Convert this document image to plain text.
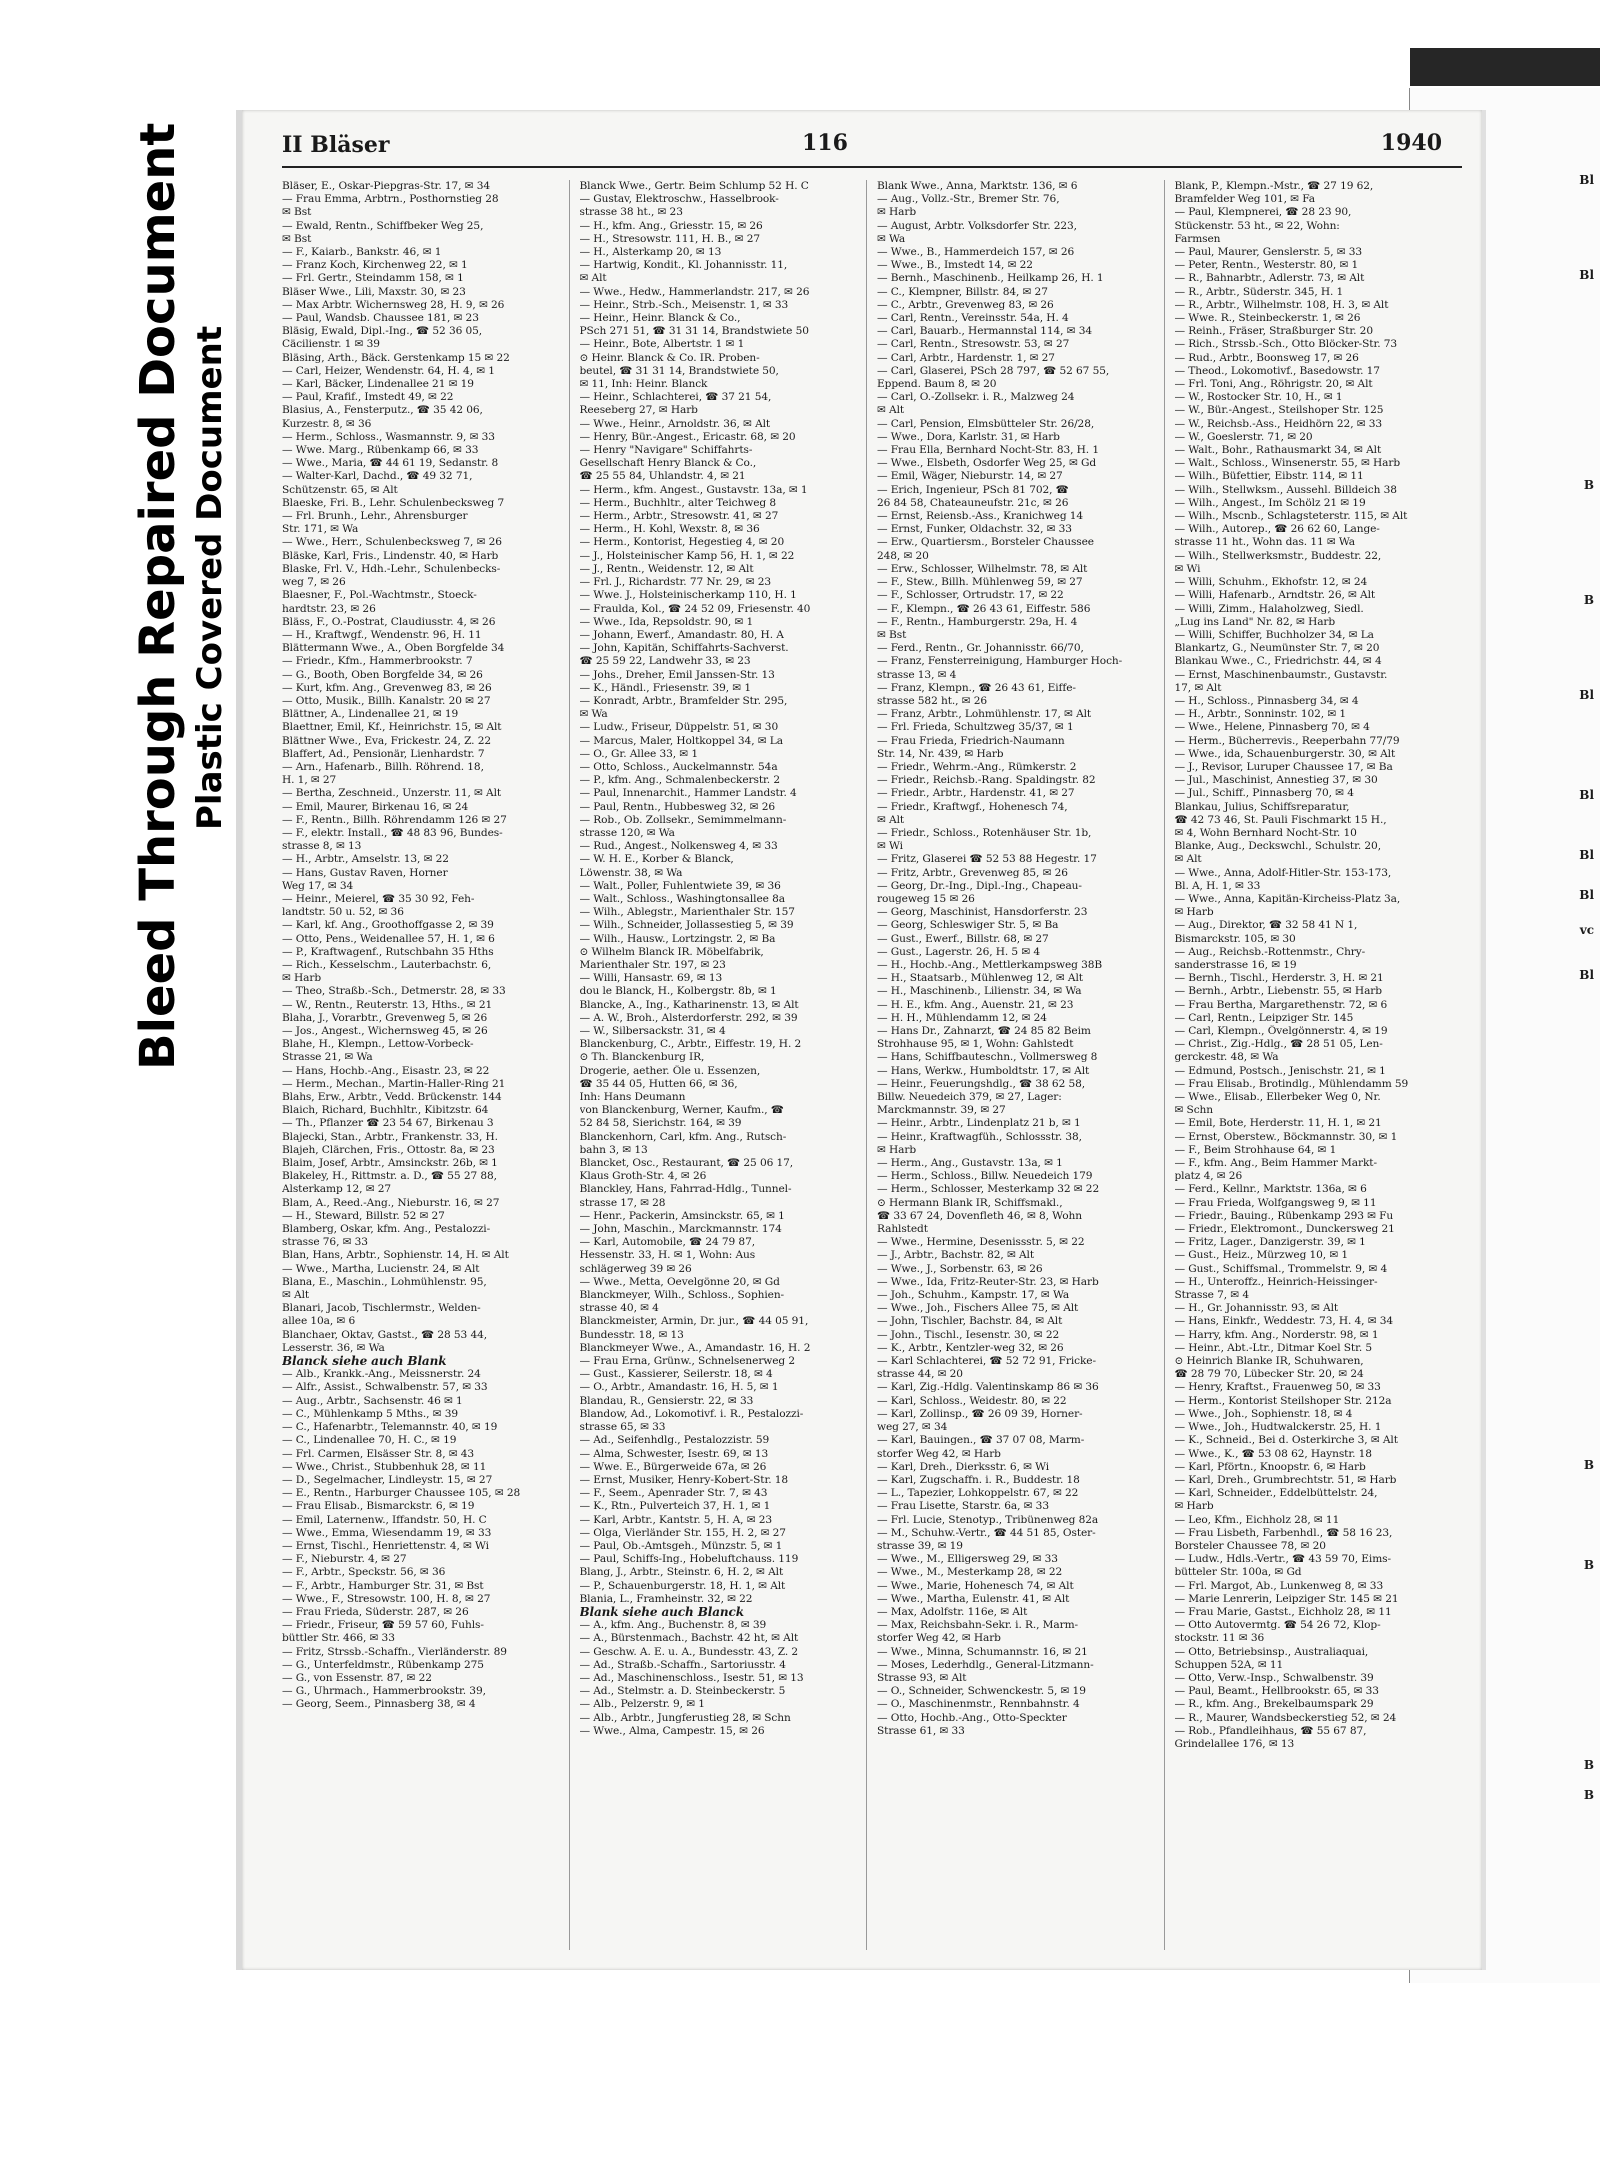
Bleed Through Repaired Document Plastic Covered Document
Bl
Bl
B
B
Bl
Bl
Bl
Bl
vc
Bl
B
B
B
B
II Bläser	116	1940

Bläser, E., Oskar-Piepgras-Str. 17, ✉ 34

— Frau Emma, Arbtrn., Posthornstieg 28

✉ Bst

— Ewald, Rentn., Schiffbeker Weg 25,

✉ Bst

— F., Kaiarb., Bankstr. 46, ✉ 1

— Franz Koch, Kirchenweg 22, ✉ 1

— Frl. Gertr., Steindamm 158, ✉ 1

Bläser Wwe., Lili, Maxstr. 30, ✉ 23

— Max Arbtr. Wichernsweg 28, H. 9, ✉ 26

— Paul, Wandsb. Chaussee 181, ✉ 23

Bläsig, Ewald, Dipl.-Ing., ☎ 52 36 05,

Cäcilienstr. 1 ✉ 39

Bläsing, Arth., Bäck. Gerstenkamp 15 ✉ 22

— Carl, Heizer, Wendenstr. 64, H. 4, ✉ 1

— Karl, Bäcker, Lindenallee 21 ✉ 19

— Paul, Krafif., Imstedt 49, ✉ 22

Blasius, A., Fensterputz., ☎ 35 42 06,

Kurzestr. 8, ✉ 36

— Herm., Schloss., Wasmannstr. 9, ✉ 33

— Wwe. Marg., Rübenkamp 66, ✉ 33

— Wwe., Maria, ☎ 44 61 19, Sedanstr. 8

— Walter-Karl, Dachd., ☎ 49 32 71,

Schützenstr. 65, ✉ Alt

Blaeske, Fri. B., Lehr. Schulenbecksweg 7

— Frl. Brunh., Lehr., Ahrensburger

Str. 171, ✉ Wa

— Wwe., Herr., Schulenbecksweg 7, ✉ 26

Bläske, Karl, Fris., Lindenstr. 40, ✉ Harb

Blaske, Frl. V., Hdh.-Lehr., Schulenbecks-

weg 7, ✉ 26

Blaesner, F., Pol.-Wachtmstr., Stoeck-

hardtstr. 23, ✉ 26

Bläss, F., O.-Postrat, Claudiusstr. 4, ✉ 26

— H., Kraftwgf., Wendenstr. 96, H. 11

Blättermann Wwe., A., Oben Borgfelde 34

— Friedr., Kfm., Hammerbrookstr. 7

— G., Booth, Oben Borgfelde 34, ✉ 26

— Kurt, kfm. Ang., Grevenweg 83, ✉ 26

— Otto, Musik., Billh. Kanalstr. 20 ✉ 27

Blättner, A., Lindenallee 21, ✉ 19

Blaettner, Emil, Kf., Heinrichstr. 15, ✉ Alt

Blättner Wwe., Eva, Frickestr. 24, Z. 22

Blaffert, Ad., Pensionär, Lienhardstr. 7

— Arn., Hafenarb., Billh. Röhrend. 18,

H. 1, ✉ 27

— Bertha, Zeschneid., Unzerstr. 11, ✉ Alt

— Emil, Maurer, Birkenau 16, ✉ 24

— F., Rentn., Billh. Röhrendamm 126 ✉ 27

— F., elektr. Install., ☎ 48 83 96, Bundes-

strasse 8, ✉ 13

— H., Arbtr., Amselstr. 13, ✉ 22

— Hans, Gustav Raven, Horner

Weg 17, ✉ 34

— Heinr., Meierel, ☎ 35 30 92, Feh-

landtstr. 50 u. 52, ✉ 36

— Karl, kf. Ang., Groothoffgasse 2, ✉ 39

— Otto, Pens., Weidenallee 57, H. 1, ✉ 6

— P., Kraftwagenf., Rutschbahn 35 Hths

— Rich., Kesselschm., Lauterbachstr. 6,

✉ Harb

— Theo, Straßb.-Sch., Detmerstr. 28, ✉ 33

— W., Rentn., Reuterstr. 13, Hths., ✉ 21

Blaha, J., Vorarbtr., Grevenweg 5, ✉ 26

— Jos., Angest., Wichernsweg 45, ✉ 26

Blahe, H., Klempn., Lettow-Vorbeck-

Strasse 21, ✉ Wa

— Hans, Hochb.-Ang., Eisastr. 23, ✉ 22

— Herm., Mechan., Martin-Haller-Ring 21

Blahs, Erw., Arbtr., Vedd. Brückenstr. 144

Blaich, Richard, Buchhltr., Kibitzstr. 64

— Th., Pflanzer ☎ 23 54 67, Birkenau 3

Blajecki, Stan., Arbtr., Frankenstr. 33, H.

Blajeh, Clärchen, Fris., Ottostr. 8a, ✉ 23

Blaim, Josef, Arbtr., Amsinckstr. 26b, ✉ 1

Blakeley, H., Rittmstr. a. D., ☎ 55 27 88,

Alsterkamp 12, ✉ 27

Blam, A., Reed.-Ang., Nieburstr. 16, ✉ 27

— H., Steward, Billstr. 52 ✉ 27

Blamberg, Oskar, kfm. Ang., Pestalozzi-

strasse 76, ✉ 33

Blan, Hans, Arbtr., Sophienstr. 14, H. ✉ Alt

— Wwe., Martha, Lucienstr. 24, ✉ Alt

Blana, E., Maschin., Lohmühlenstr. 95,

✉ Alt

Blanari, Jacob, Tischlermstr., Welden-

allee 10a, ✉ 6

Blanchaer, Oktav, Gastst., ☎ 28 53 44,

Lesserstr. 36, ✉ Wa

Blanck siehe auch Blank

— Alb., Krankk.-Ang., Meissnerstr. 24

— Alfr., Assist., Schwalbenstr. 57, ✉ 33

— Aug., Arbtr., Sachsenstr. 46 ✉ 1

— C., Mühlenkamp 5 Mths., ✉ 39

— C., Hafenarbtr., Telemannstr. 40, ✉ 19

— C., Lindenallee 70, H. C., ✉ 19

— Frl. Carmen, Elsässer Str. 8, ✉ 43

— Wwe., Christ., Stubbenhuk 28, ✉ 11

— D., Segelmacher, Lindleystr. 15, ✉ 27

— E., Rentn., Harburger Chaussee 105, ✉ 28

— Frau Elisab., Bismarckstr. 6, ✉ 19

— Emil, Laternenw., Iffandstr. 50, H. C

— Wwe., Emma, Wiesendamm 19, ✉ 33

— Ernst, Tischl., Henriettenstr. 4, ✉ Wi

— F., Nieburstr. 4, ✉ 27

— F., Arbtr., Speckstr. 56, ✉ 36

— F., Arbtr., Hamburger Str. 31, ✉ Bst

— Wwe., F., Stresowstr. 100, H. 8, ✉ 27

— Frau Frieda, Süderstr. 287, ✉ 26

— Friedr., Friseur, ☎ 59 57 60, Fuhls-

büttler Str. 466, ✉ 33

— Fritz, Strssb.-Schaffn., Vierländerstr. 89

— G., Unterfeldmstr., Rübenkamp 275

— G., von Essenstr. 87, ✉ 22

— G., Uhrmach., Hammerbrookstr. 39,

— Georg, Seem., Pinnasberg 38, ✉ 4

Blanck Wwe., Gertr. Beim Schlump 52 H. C

— Gustav, Elektroschw., Hasselbrook-

strasse 38 ht., ✉ 23

— H., kfm. Ang., Griesstr. 15, ✉ 26

— H., Stresowstr. 111, H. B., ✉ 27

— H., Alsterkamp 20, ✉ 13

— Hartwig, Kondit., Kl. Johannisstr. 11,

✉ Alt

— Wwe., Hedw., Hammerlandstr. 217, ✉ 26

— Heinr., Strb.-Sch., Meisenstr. 1, ✉ 33

— Heinr., Heinr. Blanck & Co.,

PSch 271 51, ☎ 31 31 14, Brandstwiete 50

— Heinr., Bote, Albertstr. 1 ✉ 1

⊙ Heinr. Blanck & Co. IR. Proben-

beutel, ☎ 31 31 14, Brandstwiete 50,

✉ 11, Inh: Heinr. Blanck

— Heinr., Schlachterei, ☎ 37 21 54,

Reeseberg 27, ✉ Harb

— Wwe., Heinr., Arnoldstr. 36, ✉ Alt

— Henry, Bür.-Angest., Ericastr. 68, ✉ 20

— Henry "Navigare" Schiffahrts-

Gesellschaft Henry Blanck & Co.,

☎ 25 55 84, Uhlandstr. 4, ✉ 21

— Herm., kfm. Angest., Gustavstr. 13a, ✉ 1

— Herm., Buchhltr., alter Teichweg 8

— Herm., Arbtr., Stresowstr. 41, ✉ 27

— Herm., H. Kohl, Wexstr. 8, ✉ 36

— Herm., Kontorist, Hegestieg 4, ✉ 20

— J., Holsteinischer Kamp 56, H. 1, ✉ 22

— J., Rentn., Weidenstr. 12, ✉ Alt

— Frl. J., Richardstr. 77 Nr. 29, ✉ 23

— Wwe. J., Holsteinischerkamp 110, H. 1

— Fraulda, Kol., ☎ 24 52 09, Friesenstr. 40

— Wwe., Ida, Repsoldstr. 90, ✉ 1

— Johann, Ewerf., Amandastr. 80, H. A

— John, Kapitän, Schiffahrts-Sachverst.

☎ 25 59 22, Landwehr 33, ✉ 23

— Johs., Dreher, Emil Janssen-Str. 13

— K., Händl., Friesenstr. 39, ✉ 1

— Konradt, Arbtr., Bramfelder Str. 295,

✉ Wa

— Ludw., Friseur, Düppelstr. 51, ✉ 30

— Marcus, Maler, Holtkoppel 34, ✉ La

— O., Gr. Allee 33, ✉ 1

— Otto, Schloss., Auckelmannstr. 54a

— P., kfm. Ang., Schmalenbeckerstr. 2

— Paul, Innenarchit., Hammer Landstr. 4

— Paul, Rentn., Hubbesweg 32, ✉ 26

— Rob., Ob. Zollsekr., Semimmelmann-

strasse 120, ✉ Wa

— Rud., Angest., Nolkensweg 4, ✉ 33

— W. H. E., Korber & Blanck,

Löwenstr. 38, ✉ Wa

— Walt., Poller, Fuhlentwiete 39, ✉ 36

— Walt., Schloss., Washingtonsallee 8a

— Wilh., Ablegstr., Marienthaler Str. 157

— Wilh., Schneider, Jollassestieg 5, ✉ 39

— Wilh., Hausw., Lortzingstr. 2, ✉ Ba

⊙ Wilhelm Blanck IR. Möbelfabrik,

Marienthaler Str. 197, ✉ 23

— Willi, Hansastr. 69, ✉ 13

dou le Blanck, H., Kolbergstr. 8b, ✉ 1

Blancke, A., Ing., Katharinenstr. 13, ✉ Alt

— A. W., Broh., Alsterdorferstr. 292, ✉ 39

— W., Silbersackstr. 31, ✉ 4

Blanckenburg, C., Arbtr., Eiffestr. 19, H. 2

⊙ Th. Blanckenburg IR,

Drogerie, aether. Öle u. Essenzen,

☎ 35 44 05, Hutten 66, ✉ 36,

Inh: Hans Deumann

von Blanckenburg, Werner, Kaufm., ☎

52 84 58, Sierichstr. 164, ✉ 39

Blanckenhorn, Carl, kfm. Ang., Rutsch-

bahn 3, ✉ 13

Blancket, Osc., Restaurant, ☎ 25 06 17,

Klaus Groth-Str. 4, ✉ 26

Blanckley, Hans, Fahrrad-Hdlg., Tunnel-

strasse 17, ✉ 28

— Henr., Packerin, Amsinckstr. 65, ✉ 1

— John, Maschin., Marckmannstr. 174

— Karl, Automobile, ☎ 24 79 87,

Hessenstr. 33, H. ✉ 1, Wohn: Aus

schlägerweg 39 ✉ 26

— Wwe., Metta, Oevelgönne 20, ✉ Gd

Blanckmeyer, Wilh., Schloss., Sophien-

strasse 40, ✉ 4

Blanckmeister, Armin, Dr. jur., ☎ 44 05 91,

Bundesstr. 18, ✉ 13

Blanckmeyer Wwe., A., Amandastr. 16, H. 2

— Frau Erna, Grünw., Schnelsenerweg 2

— Gust., Kassierer, Seilerstr. 18, ✉ 4

— O., Arbtr., Amandastr. 16, H. 5, ✉ 1

Blandau, R., Gensierstr. 22, ✉ 33

Blandow, Ad., Lokomotivf. i. R., Pestalozzi-

strasse 65, ✉ 33

— Ad., Seifenhdlg., Pestalozzistr. 59

— Alma, Schwester, Isestr. 69, ✉ 13

— Wwe. E., Bürgerweide 67a, ✉ 26

— Ernst, Musiker, Henry-Kobert-Str. 18

— F., Seem., Apenrader Str. 7, ✉ 43

— K., Rtn., Pulverteich 37, H. 1, ✉ 1

— Karl, Arbtr., Kantstr. 5, H. A, ✉ 23

— Olga, Vierländer Str. 155, H. 2, ✉ 27

— Paul, Ob.-Amtsgeh., Münzstr. 5, ✉ 1

— Paul, Schiffs-Ing., Hobeluftchauss. 119

Blang, J., Arbtr., Steinstr. 6, H. 2, ✉ Alt

— P., Schauenburgerstr. 18, H. 1, ✉ Alt

Blania, L., Framheinstr. 32, ✉ 22

Blank siehe auch Blanck

— A., kfm. Ang., Buchenstr. 8, ✉ 39

— A., Bürstenmach., Bachstr. 42 ht, ✉ Alt

— Geschw. A. E. u. A., Bundesstr. 43, Z. 2

— Ad., Straßb.-Schaffn., Sartoriusstr. 4

— Ad., Maschinenschloss., Isestr. 51, ✉ 13

— Ad., Stelmstr. a. D. Steinbeckerstr. 5

— Alb., Pelzerstr. 9, ✉ 1

— Alb., Arbtr., Jungferustieg 28, ✉ Schn

— Wwe., Alma, Campestr. 15, ✉ 26

Blank Wwe., Anna, Marktstr. 136, ✉ 6

— Aug., Vollz.-Str., Bremer Str. 76,

✉ Harb

— August, Arbtr. Volksdorfer Str. 223,

✉ Wa

— Wwe., B., Hammerdeich 157, ✉ 26

— Wwe., B., Imstedt 14, ✉ 22

— Bernh., Maschinenb., Heilkamp 26, H. 1

— C., Klempner, Billstr. 84, ✉ 27

— C., Arbtr., Grevenweg 83, ✉ 26

— Carl, Rentn., Vereinsstr. 54a, H. 4

— Carl, Bauarb., Hermannstal 114, ✉ 34

— Carl, Rentn., Stresowstr. 53, ✉ 27

— Carl, Arbtr., Hardenstr. 1, ✉ 27

— Carl, Glaserei, PSch 28 797, ☎ 52 67 55,

Eppend. Baum 8, ✉ 20

— Carl, O.-Zollsekr. i. R., Malzweg 24

✉ Alt

— Carl, Pension, Elmsbütteler Str. 26/28,

— Wwe., Dora, Karlstr. 31, ✉ Harb

— Frau Ella, Bernhard Nocht-Str. 83, H. 1

— Wwe., Elsbeth, Osdorfer Weg 25, ✉ Gd

— Emil, Wäger, Nieburstr. 14, ✉ 27

— Erich, Ingenieur, PSch 81 702, ☎

26 84 58, Chateauneufstr. 21c, ✉ 26

— Ernst, Reiensb.-Ass., Kranichweg 14

— Ernst, Funker, Oldachstr. 32, ✉ 33

— Erw., Quartiersm., Borsteler Chaussee

248, ✉ 20

— Erw., Schlosser, Wilhelmstr. 78, ✉ Alt

— F., Stew., Billh. Mühlenweg 59, ✉ 27

— F., Schlosser, Ortrudstr. 17, ✉ 22

— F., Klempn., ☎ 26 43 61, Eiffestr. 586

— F., Rentn., Hamburgerstr. 29a, H. 4

✉ Bst

— Ferd., Rentn., Gr. Johannisstr. 66/70,

— Franz, Fensterreinigung, Hamburger Hoch-

strasse 13, ✉ 4

— Franz, Klempn., ☎ 26 43 61, Eiffe-

strasse 582 ht., ✉ 26

— Franz, Arbtr., Lohmühlenstr. 17, ✉ Alt

— Frl. Frieda, Schultzweg 35/37, ✉ 1

— Frau Frieda, Friedrich-Naumann

Str. 14, Nr. 439, ✉ Harb

— Friedr., Wehrm.-Ang., Rümkerstr. 2

— Friedr., Reichsb.-Rang. Spaldingstr. 82

— Friedr., Arbtr., Hardenstr. 41, ✉ 27

— Friedr., Kraftwgf., Hohenesch 74,

✉ Alt

— Friedr., Schloss., Rotenhäuser Str. 1b,

✉ Wi

— Fritz, Glaserei ☎ 52 53 88 Hegestr. 17

— Fritz, Arbtr., Grevenweg 85, ✉ 26

— Georg, Dr.-Ing., Dipl.-Ing., Chapeau-

rougeweg 15 ✉ 26

— Georg, Maschinist, Hansdorferstr. 23

— Georg, Schleswiger Str. 5, ✉ Ba

— Gust., Ewerf., Billstr. 68, ✉ 27

— Gust., Lagerstr. 26, H. 5 ✉ 4

— H., Hochb.-Ang., Mettlerkampsweg 38B

— H., Staatsarb., Mühlenweg 12, ✉ Alt

— H., Maschinenb., Lilienstr. 34, ✉ Wa

— H. E., kfm. Ang., Auenstr. 21, ✉ 23

— H. H., Mühlendamm 12, ✉ 24

— Hans Dr., Zahnarzt, ☎ 24 85 82 Beim

Strohhause 95, ✉ 1, Wohn: Gahlstedt

— Hans, Schiffbauteschn., Vollmersweg 8

— Hans, Werkw., Humboldtstr. 17, ✉ Alt

— Heinr., Feuerungshdlg., ☎ 38 62 58,

Billw. Neuedeich 379, ✉ 27, Lager:

Marckmannstr. 39, ✉ 27

— Heinr., Arbtr., Lindenplatz 21 b, ✉ 1

— Heinr., Kraftwagfüh., Schlossstr. 38,

✉ Harb

— Herm., Ang., Gustavstr. 13a, ✉ 1

— Herm., Schloss., Billw. Neuedeich 179

— Herm., Schlosser, Mesterkamp 32 ✉ 22

⊙ Hermann Blank IR, Schiffsmakl.,

☎ 33 67 24, Dovenfleth 46, ✉ 8, Wohn

Rahlstedt

— Wwe., Hermine, Desenissstr. 5, ✉ 22

— J., Arbtr., Bachstr. 82, ✉ Alt

— Wwe., J., Sorbenstr. 63, ✉ 26

— Wwe., Ida, Fritz-Reuter-Str. 23, ✉ Harb

— Joh., Schuhm., Kampstr. 17, ✉ Wa

— Wwe., Joh., Fischers Allee 75, ✉ Alt

— John, Tischler, Bachstr. 84, ✉ Alt

— John., Tischl., Iesenstr. 30, ✉ 22

— K., Arbtr., Kentzler-weg 32, ✉ 26

— Karl Schlachterei, ☎ 52 72 91, Fricke-

strasse 44, ✉ 20

— Karl, Zig.-Hdlg. Valentinskamp 86 ✉ 36

— Karl, Schloss., Weidestr. 80, ✉ 22

— Karl, Zollinsp., ☎ 26 09 39, Horner-

weg 27, ✉ 34

— Karl, Bauingen., ☎ 37 07 08, Marm-

storfer Weg 42, ✉ Harb

— Karl, Dreh., Dierksstr. 6, ✉ Wi

— Karl, Zugschaffn. i. R., Buddestr. 18

— L., Tapezier, Lohkoppelstr. 67, ✉ 22

— Frau Lisette, Starstr. 6a, ✉ 33

— Frl. Lucie, Stenotyp., Tribünenweg 82a

— M., Schuhw.-Vertr., ☎ 44 51 85, Oster-

strasse 39, ✉ 19

— Wwe., M., Elligersweg 29, ✉ 33

— Wwe., M., Mesterkamp 28, ✉ 22

— Wwe., Marie, Hohenesch 74, ✉ Alt

— Wwe., Martha, Eulenstr. 41, ✉ Alt

— Max, Adolfstr. 116e, ✉ Alt

— Max, Reichsbahn-Sekr. i. R., Marm-

storfer Weg 42, ✉ Harb

— Wwe., Minna, Schumannstr. 16, ✉ 21

— Moses, Lederhdlg., General-Litzmann-

Strasse 93, ✉ Alt

— O., Schneider, Schwenckestr. 5, ✉ 19

— O., Maschinenmstr., Rennbahnstr. 4

— Otto, Hochb.-Ang., Otto-Speckter

Strasse 61, ✉ 33

Blank, P., Klempn.-Mstr., ☎ 27 19 62,

Bramfelder Weg 101, ✉ Fa

— Paul, Klempnerei, ☎ 28 23 90,

Stückenstr. 53 ht., ✉ 22, Wohn:

Farmsen

— Paul, Maurer, Genslerstr. 5, ✉ 33

— Peter, Rentn., Westerstr. 80, ✉ 1

— R., Bahnarbtr., Adlerstr. 73, ✉ Alt

— R., Arbtr., Süderstr. 345, H. 1

— R., Arbtr., Wilhelmstr. 108, H. 3, ✉ Alt

— Wwe. R., Steinbeckerstr. 1, ✉ 26

— Reinh., Fräser, Straßburger Str. 20

— Rich., Strssb.-Sch., Otto Blöcker-Str. 73

— Rud., Arbtr., Boonsweg 17, ✉ 26

— Theod., Lokomotivf., Basedowstr. 17

— Frl. Toni, Ang., Röhrigstr. 20, ✉ Alt

— W., Rostocker Str. 10, H., ✉ 1

— W., Bür.-Angest., Steilshoper Str. 125

— W., Reichsb.-Ass., Heidhörn 22, ✉ 33

— W., Goeslerstr. 71, ✉ 20

— Walt., Bohr., Rathausmarkt 34, ✉ Alt

— Walt., Schloss., Winsenerstr. 55, ✉ Harb

— Wilh., Büfettier, Eibstr. 114, ✉ 11

— Wilh., Stellwksm., Aussehl. Billdeich 38

— Wilh., Angest., Im Schölz 21 ✉ 19

— Wilh., Mscnb., Schlagsteterstr. 115, ✉ Alt

— Wilh., Autorep., ☎ 26 62 60, Lange-

strasse 11 ht., Wohn das. 11 ✉ Wa

— Wilh., Stellwerksmstr., Buddestr. 22,

✉ Wi

— Willi, Schuhm., Ekhofstr. 12, ✉ 24

— Willi, Hafenarb., Arndtstr. 26, ✉ Alt

— Willi, Zimm., Halaholzweg, Siedl.

„Lug ins Land" Nr. 82, ✉ Harb

— Willi, Schiffer, Buchholzer 34, ✉ La

Blankartz, G., Neumünster Str. 7, ✉ 20

Blankau Wwe., C., Friedrichstr. 44, ✉ 4

— Ernst, Maschinenbaumstr., Gustavstr.

17, ✉ Alt

— H., Schloss., Pinnasberg 34, ✉ 4

— H., Arbtr., Sonninstr. 102, ✉ 1

— Wwe., Helene, Pinnasberg 70, ✉ 4

— Herm., Bücherrevis., Reeperbahn 77/79

— Wwe., ida, Schauenburgerstr. 30, ✉ Alt

— J., Revisor, Luruper Chaussee 17, ✉ Ba

— Jul., Maschinist, Annestieg 37, ✉ 30

— Jul., Schiff., Pinnasberg 70, ✉ 4

Blankau, Julius, Schiffsreparatur,

☎ 42 73 46, St. Pauli Fischmarkt 15 H.,

✉ 4, Wohn Bernhard Nocht-Str. 10

Blanke, Aug., Deckswchl., Schulstr. 20,

✉ Alt

— Wwe., Anna, Adolf-Hitler-Str. 153-173,

Bl. A, H. 1, ✉ 33

— Wwe., Anna, Kapitän-Kircheiss-Platz 3a,

✉ Harb

— Aug., Direktor, ☎ 32 58 41 N 1,

Bismarckstr. 105, ✉ 30

— Aug., Reichsb.-Rottenmstr., Chry-

sanderstrasse 16, ✉ 19

— Bernh., Tischl., Herderstr. 3, H. ✉ 21

— Bernh., Arbtr., Liebenstr. 55, ✉ Harb

— Frau Bertha, Margarethenstr. 72, ✉ 6

— Carl, Rentn., Leipziger Str. 145

— Carl, Klempn., Övelgönnerstr. 4, ✉ 19

— Christ., Zig.-Hdlg., ☎ 28 51 05, Len-

gerckestr. 48, ✉ Wa

— Edmund, Postsch., Jenischstr. 21, ✉ 1

— Frau Elisab., Brotindlg., Mühlendamm 59

— Wwe., Elisab., Ellerbeker Weg 0, Nr.

✉ Schn

— Emil, Bote, Herderstr. 11, H. 1, ✉ 21

— Ernst, Oberstew., Böckmannstr. 30, ✉ 1

— F., Beim Strohhause 64, ✉ 1

— F., kfm. Ang., Beim Hammer Markt-

platz 4, ✉ 26

— Ferd., Kellnr., Marktstr. 136a, ✉ 6

— Frau Frieda, Wolfgangsweg 9, ✉ 11

— Friedr., Bauing., Rübenkamp 293 ✉ Fu

— Friedr., Elektromont., Dunckersweg 21

— Fritz, Lager., Danzigerstr. 39, ✉ 1

— Gust., Heiz., Mürzweg 10, ✉ 1

— Gust., Schiffsmal., Trommelstr. 9, ✉ 4

— H., Unteroffz., Heinrich-Heissinger-

Strasse 7, ✉ 4

— H., Gr. Johannisstr. 93, ✉ Alt

— Hans, Einkfr., Weddestr. 73, H. 4, ✉ 34

— Harry, kfm. Ang., Norderstr. 98, ✉ 1

— Heinr., Abt.-Ltr., Ditmar Koel Str. 5

⊙ Heinrich Blanke IR, Schuhwaren,

☎ 28 79 70, Lübecker Str. 20, ✉ 24

— Henry, Kraftst., Frauenweg 50, ✉ 33

— Herm., Kontorist Steilshoper Str. 212a

— Wwe., Joh., Sophienstr. 18, ✉ 4

— Wwe., Joh., Hudtwalckerstr. 25, H. 1

— K., Schneid., Bei d. Osterkirche 3, ✉ Alt

— Wwe., K., ☎ 53 08 62, Haynstr. 18

— Karl, Pförtn., Knoopstr. 6, ✉ Harb

— Karl, Dreh., Grumbrechtstr. 51, ✉ Harb

— Karl, Schneider., Eddelbüttelstr. 24,

✉ Harb

— Leo, Kfm., Eichholz 28, ✉ 11

— Frau Lisbeth, Farbenhdl., ☎ 58 16 23,

Borsteler Chaussee 78, ✉ 20

— Ludw., Hdls.-Vertr., ☎ 43 59 70, Eims-

bütteler Str. 100a, ✉ Gd

— Frl. Margot, Ab., Lunkenweg 8, ✉ 33

— Marie Lenrerin, Leipziger Str. 145 ✉ 21

— Frau Marie, Gastst., Eichholz 28, ✉ 11

— Otto Autovermtg. ☎ 54 26 72, Klop-

stockstr. 11 ✉ 36

— Otto, Betriebsinsp., Australiaquai,

Schuppen 52A, ✉ 11

— Otto, Verw.-Insp., Schwalbenstr. 39

— Paul, Beamt., Hellbrookstr. 65, ✉ 33

— R., kfm. Ang., Brekelbaumspark 29

— R., Maurer, Wandsbeckerstieg 52, ✉ 24

— Rob., Pfandleihhaus, ☎ 55 67 87,

Grindelallee 176, ✉ 13
